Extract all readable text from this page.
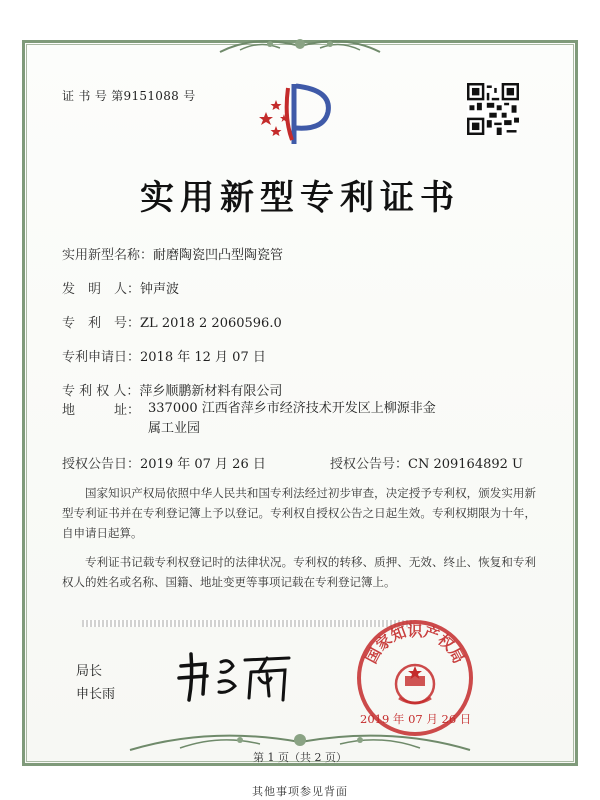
证 书 号 第9151088 号
实用新型专利证书
实用新型名称：耐磨陶瓷凹凸型陶瓷管
发　明　人：钟声波
专　利　号：ZL 2018 2 2060596.0
专利申请日：2018 年 12 月 07 日
专 利 权 人：萍乡顺鹏新材料有限公司
地　　　址： 337000 江西省萍乡市经济技术开发区上柳源非金属工业园
授权公告日：2019 年 07 月 26 日	授权公告号：CN 209164892 U
国家知识产权局依照中华人民共和国专利法经过初步审查，决定授予专利权，颁发实用新型专利证书并在专利登记簿上予以登记。专利权自授权公告之日起生效。专利权期限为十年，自申请日起算。
专利证书记载专利权登记时的法律状况。专利权的转移、质押、无效、终止、恢复和专利权人的姓名或名称、国籍、地址变更等事项记载在专利登记簿上。
局长
申长雨
国家知识产权局
2019 年 07 月 26 日
第 1 页（共 2 页）
其他事项参见背面
